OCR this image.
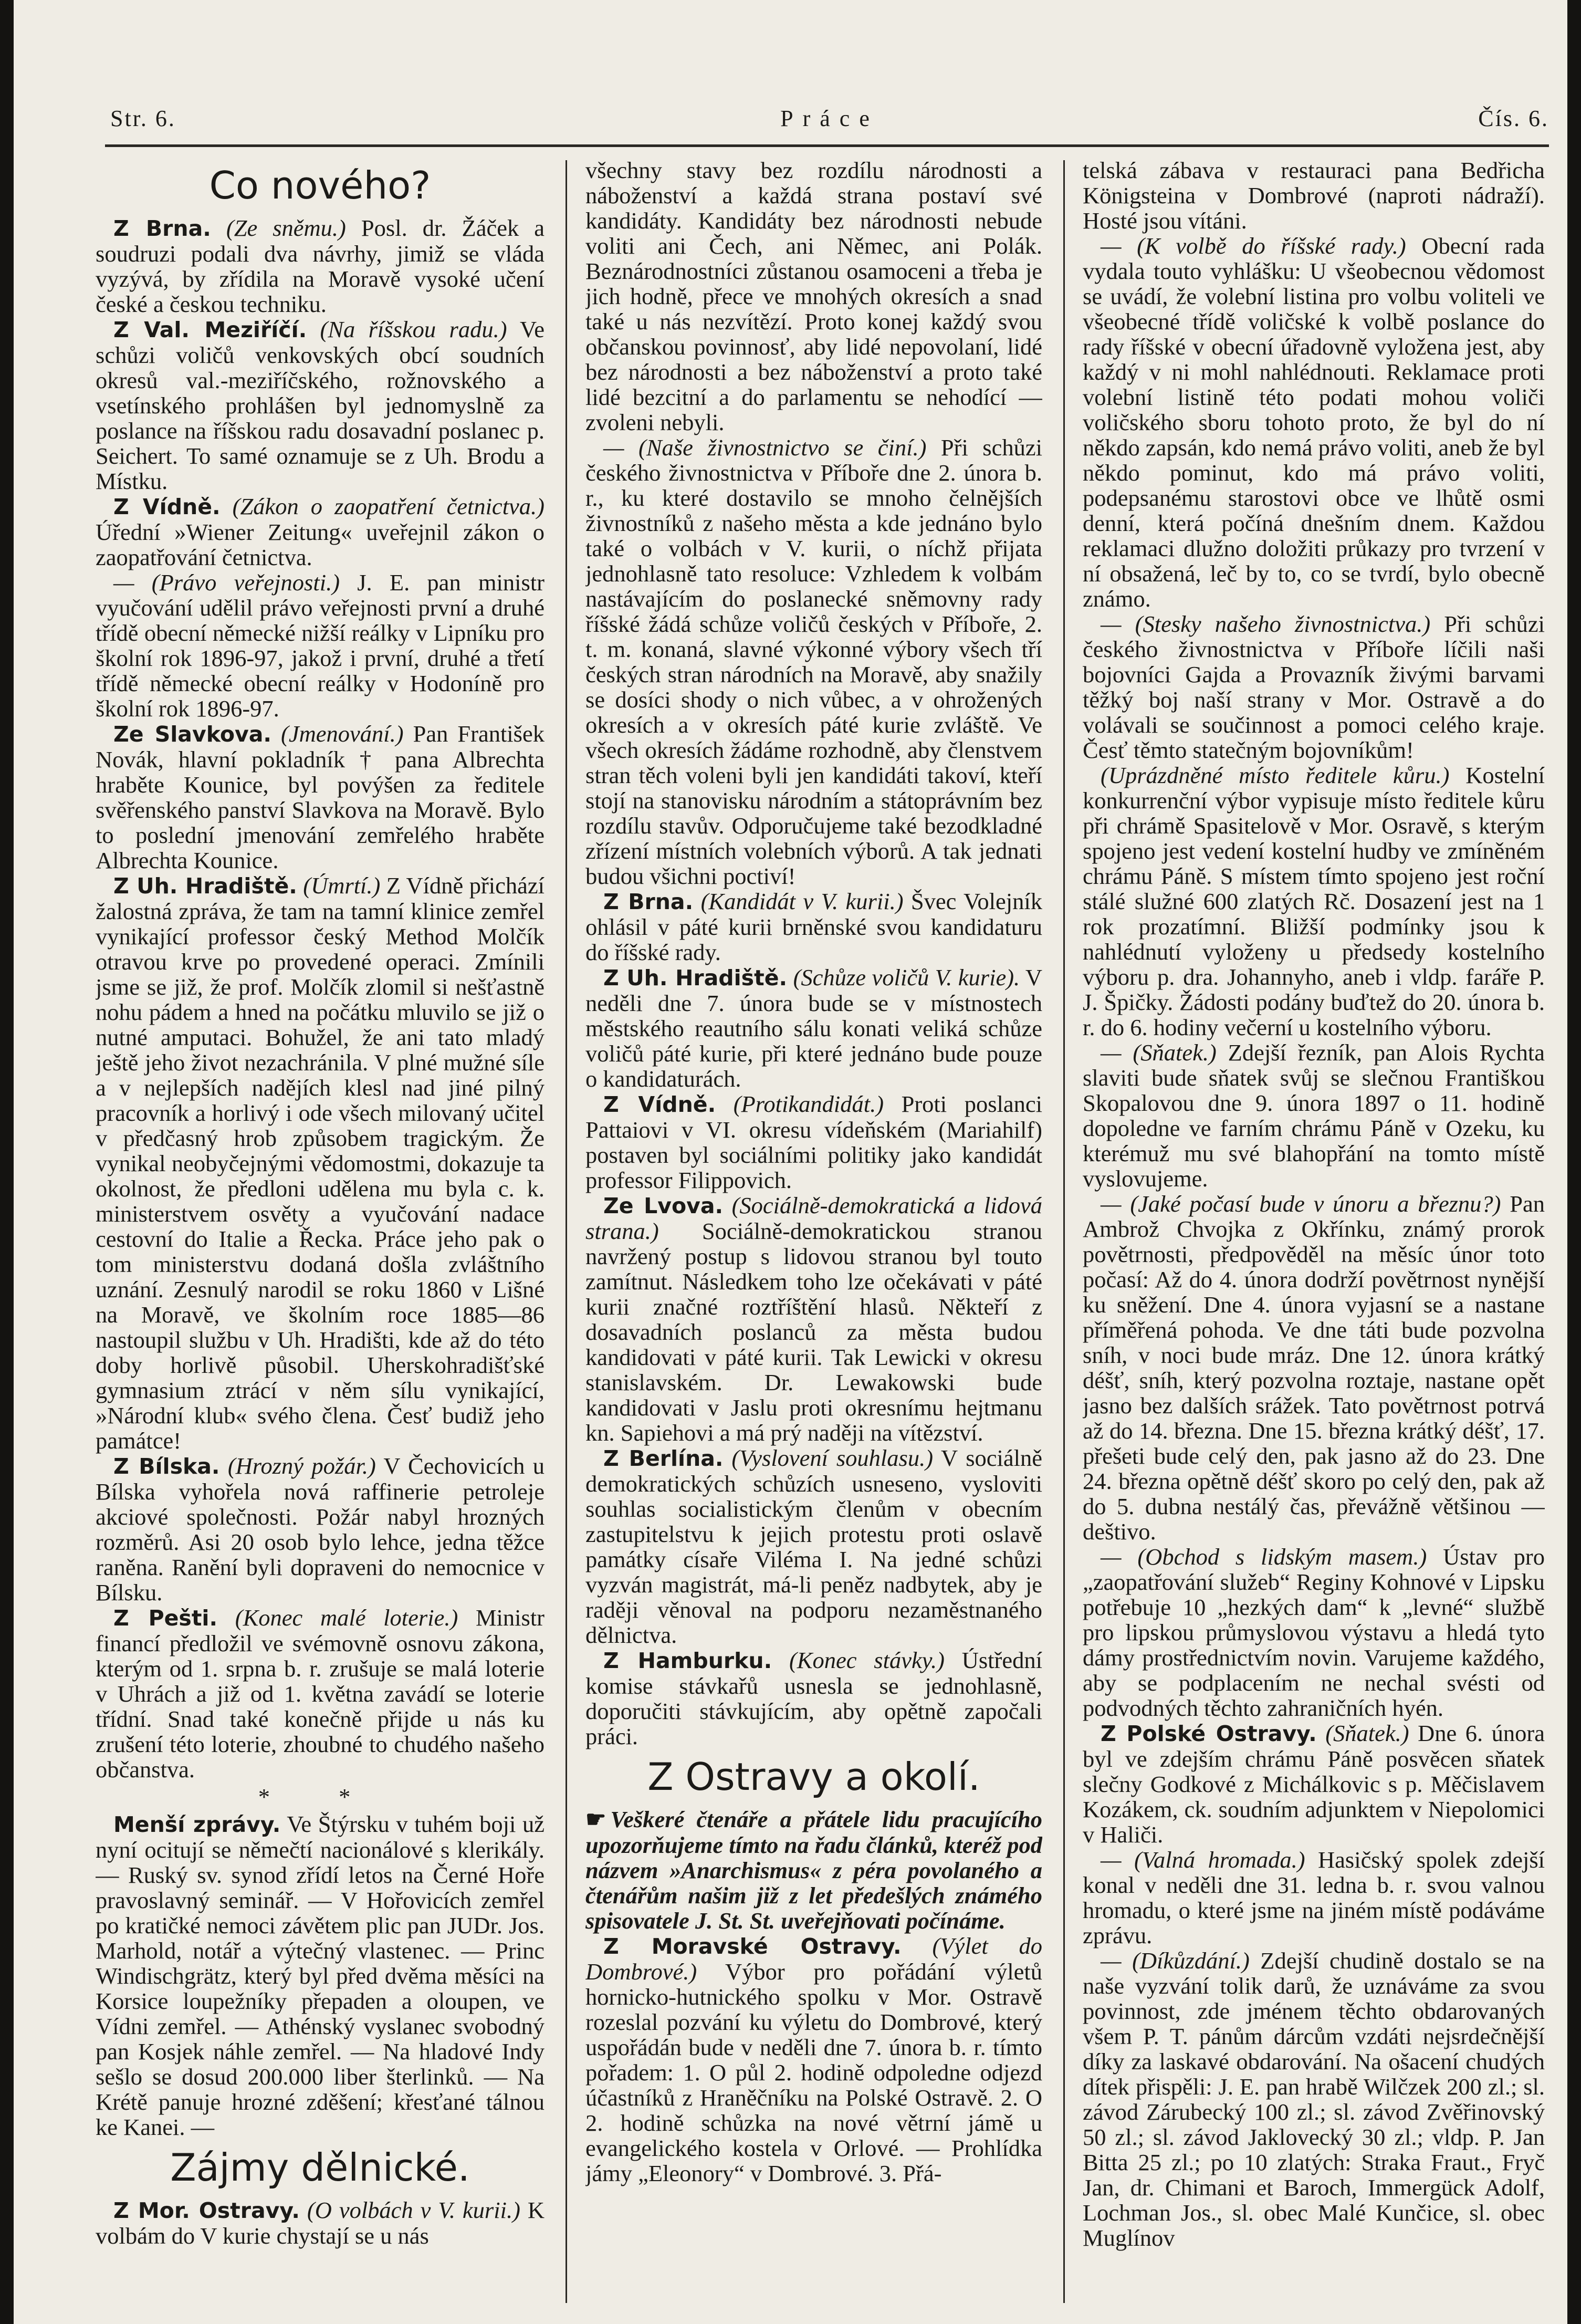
Str. 6.	Práce	Čís. 6.
Co nového?

Z Brna. (Ze sněmu.) Posl. dr. Žáček a soudruzi podali dva návrhy, jimiž se vláda vyzývá, by zřídila na Moravě vysoké učení české a českou techniku.

Z Val. Meziříčí. (Na říšskou radu.) Ve schůzi voličů venkovských obcí soudních okresů val.-meziříčského, rožnovského a vsetínského prohlášen byl jednomyslně za poslance na říšskou radu dosavadní poslanec p. Seichert. To samé oznamuje se z Uh. Brodu a Místku.

Z Vídně. (Zákon o zaopatření četnictva.) Úřední »Wiener Zeitung« uveřejnil zákon o zaopatřování četnictva.

— (Právo veřejnosti.) J. E. pan ministr vyučování udělil právo veřejnosti první a druhé třídě obecní německé nižší reálky v Lipníku pro školní rok 1896-97, jakož i první, druhé a třetí třídě německé obecní reálky v Hodoníně pro školní rok 1896-97.

Ze Slavkova. (Jmenování.) Pan František Novák, hlavní pokladník † pana Albrechta hraběte Kounice, byl povýšen za ředitele svěřenského panství Slavkova na Moravě. Bylo to poslední jmenování zemřelého hraběte Albrechta Kounice.

Z Uh. Hradiště. (Úmrtí.) Z Vídně přichází žalostná zpráva, že tam na tamní klinice zemřel vynikající professor český Method Molčík otravou krve po provedené operaci. Zmínili jsme se již, že prof. Molčík zlomil si nešťastně nohu pádem a hned na počátku mluvilo se již o nutné amputaci. Bohužel, že ani tato mladý ještě jeho život nezachránila. V plné mužné síle a v nejlepších nadějích klesl nad jiné pilný pracovník a horlivý i ode všech milovaný učitel v předčasný hrob způsobem tragickým. Že vynikal neobyčejnými vědomostmi, dokazuje ta okolnost, že předloni udělena mu byla c. k. ministerstvem osvěty a vyučování nadace cestovní do Italie a Řecka. Práce jeho pak o tom ministerstvu dodaná došla zvláštního uznání. Zesnulý narodil se roku 1860 v Lišné na Moravě, ve školním roce 1885—86 nastoupil službu v Uh. Hradišti, kde až do této doby horlivě působil. Uherskohradišťské gymnasium ztrácí v něm sílu vynikající, »Národní klub« svého člena. Česť budiž jeho památce!

Z Bílska. (Hrozný požár.) V Čechovicích u Bílska vyhořela nová raffinerie petroleje akciové společnosti. Požár nabyl hrozných rozměrů. Asi 20 osob bylo lehce, jedna těžce raněna. Ranění byli dopraveni do nemocnice v Bílsku.

Z Pešti. (Konec malé loterie.) Ministr financí předložil ve svémovně osnovu zákona, kterým od 1. srpna b. r. zrušuje se malá loterie v Uhrách a již od 1. května zavádí se loterie třídní. Snad také konečně přijde u nás ku zrušení této loterie, zhoubné to chudého našeho občanstva.

* *

Menší zprávy. Ve Štýrsku v tuhém boji už nyní ocitují se němečtí nacionálové s klerikály. — Ruský sv. synod zřídí letos na Černé Hoře pravoslavný seminář. — V Hořovicích zemřel po kratičké nemoci závětem plic pan JUDr. Jos. Marhold, notář a výtečný vlastenec. — Princ Windischgrätz, který byl před dvěma měsíci na Korsice loupežníky přepaden a oloupen, ve Vídni zemřel. — Athénský vyslanec svobodný pan Kosjek náhle zemřel. — Na hladové Indy sešlo se dosud 200.000 liber šterlinků. — Na Krétě panuje hrozné zděšení; křesťané tálnou ke Kanei. —

Zájmy dělnické.

Z Mor. Ostravy. (O volbách v V. kurii.) K volbám do V kurie chystají se u nás

všechny stavy bez rozdílu národnosti a náboženství a každá strana postaví své kandidáty. Kandidáty bez národnosti nebude voliti ani Čech, ani Němec, ani Polák. Beznárodnostníci zůstanou osamoceni a třeba je jich hodně, přece ve mnohých okresích a snad také u nás nezvítězí. Proto konej každý svou občanskou povinnosť, aby lidé nepovolaní, lidé bez národnosti a bez náboženství a proto také lidé bezcitní a do parlamentu se nehodící — zvoleni nebyli.

— (Naše živnostnictvo se činí.) Při schůzi českého živnostnictva v Příboře dne 2. února b. r., ku které dostavilo se mnoho čelnějších živnostníků z našeho města a kde jednáno bylo také o volbách v V. kurii, o níchž přijata jednohlasně tato resoluce: Vzhledem k volbám nastávajícím do poslanecké sněmovny rady říšské žádá schůze voličů českých v Příboře, 2. t. m. konaná, slavné výkonné výbory všech tří českých stran národních na Moravě, aby snažily se dosíci shody o nich vůbec, a v ohrožených okresích a v okresích páté kurie zvláště. Ve všech okresích žádáme rozhodně, aby členstvem stran těch voleni byli jen kandidáti takoví, kteří stojí na stanovisku národním a státoprávním bez rozdílu stavův. Odporučujeme také bezodkladné zřízení místních volebních výborů. A tak jednati budou všichni poctiví!

Z Brna. (Kandidát v V. kurii.) Švec Volejník ohlásil v páté kurii brněnské svou kandidaturu do říšské rady.

Z Uh. Hradiště. (Schůze voličů V. kurie). V neděli dne 7. února bude se v místnostech městského reautního sálu konati veliká schůze voličů páté kurie, při které jednáno bude pouze o kandidaturách.

Z Vídně. (Protikandidát.) Proti poslanci Pattaiovi v VI. okresu vídeňském (Mariahilf) postaven byl sociálními politiky jako kandidát professor Filippovich.

Ze Lvova. (Sociálně-demokratická a lidová strana.) Sociálně-demokratickou stranou navržený postup s lidovou stranou byl touto zamítnut. Následkem toho lze očekávati v páté kurii značné roztříštění hlasů. Někteří z dosavadních poslanců za města budou kandidovati v páté kurii. Tak Lewicki v okresu stanislavském. Dr. Lewakowski bude kandidovati v Jaslu proti okresnímu hejtmanu kn. Sapiehovi a má prý naději na vítězství.

Z Berlína. (Vyslovení souhlasu.) V sociálně demokratických schůzích usneseno, vysloviti souhlas socialistickým členům v obecním zastupitelstvu k jejich protestu proti oslavě památky císaře Viléma I. Na jedné schůzi vyzván magistrát, má-li peněz nadbytek, aby je raději věnoval na podporu nezaměstnaného dělnictva.

Z Hamburku. (Konec stávky.) Ústřední komise stávkařů usnesla se jednohlasně, doporučiti stávkujícím, aby opětně započali práci.

Z Ostravy a okolí.

☛ Veškeré čtenáře a přátele lidu pracujícího upozorňujeme tímto na řadu článků, kteréž pod názvem »Anarchismus« z péra povolaného a čtenářům našim již z let předešlých známého spisovatele J. St. St. uveřejňovati počínáme.

Z Moravské Ostravy. (Výlet do Dombrové.) Výbor pro pořádání výletů hornicko-hutnického spolku v Mor. Ostravě rozeslal pozvání ku výletu do Dombrové, který uspořádán bude v neděli dne 7. února b. r. tímto pořadem: 1. O půl 2. hodině odpoledne odjezd účastníků z Hraněčníku na Polské Ostravě. 2. O 2. hodině schůzka na nové větrní jámě u evangelického kostela v Orlové. — Prohlídka jámy „Eleonory“ v Dombrové. 3. Přá-

telská zábava v restauraci pana Bedřicha Königsteina v Dombrové (naproti nádraží). Hosté jsou vítáni.

— (K volbě do říšské rady.) Obecní rada vydala touto vyhlášku: U všeobecnou vědomost se uvádí, že volební listina pro volbu voliteli ve všeobecné třídě voličské k volbě poslance do rady říšské v obecní úřadovně vyložena jest, aby každý v ni mohl nahlédnouti. Reklamace proti volební listině této podati mohou voliči voličského sboru tohoto proto, že byl do ní někdo zapsán, kdo nemá právo voliti, aneb že byl někdo pominut, kdo má právo voliti, podepsanému starostovi obce ve lhůtě osmi denní, která počíná dnešním dnem. Každou reklamaci dlužno doložiti průkazy pro tvrzení v ní obsažená, leč by to, co se tvrdí, bylo obecně známo.

— (Stesky našeho živnostnictva.) Při schůzi českého živnostnictva v Příboře líčili naši bojovníci Gajda a Provazník živými barvami těžký boj naší strany v Mor. Ostravě a do volávali se součinnost a pomoci celého kraje. Česť těmto statečným bojovníkům!

(Uprázdněné místo ředitele kůru.) Kostelní konkurrenční výbor vypisuje místo ředitele kůru při chrámě Spasitelově v Mor. Osravě, s kterým spojeno jest vedení kostelní hudby ve zmíněném chrámu Páně. S místem tímto spojeno jest roční stálé služné 600 zlatých Rč. Dosazení jest na 1 rok prozatímní. Bližší podmínky jsou k nahlédnutí vyloženy u předsedy kostelního výboru p. dra. Johannyho, aneb i vldp. faráře P. J. Špičky. Žádosti podány buďtež do 20. února b. r. do 6. hodiny večerní u kostelního výboru.

— (Sňatek.) Zdejší řezník, pan Alois Rychta slaviti bude sňatek svůj se slečnou Františkou Skopalovou dne 9. února 1897 o 11. hodině dopoledne ve farním chrámu Páně v Ozeku, ku kterémuž mu své blahopřání na tomto místě vyslovujeme.

— (Jaké počasí bude v únoru a březnu?) Pan Ambrož Chvojka z Okřínku, známý prorok povětrnosti, předpověděl na měsíc únor toto počasí: Až do 4. února dodrží povětrnost nynější ku sněžení. Dne 4. února vyjasní se a nastane příměřená pohoda. Ve dne táti bude pozvolna sníh, v noci bude mráz. Dne 12. února krátký déšť, sníh, který pozvolna roztaje, nastane opět jasno bez dalších srážek. Tato povětrnost potrvá až do 14. března. Dne 15. března krátký déšť, 17. přešeti bude celý den, pak jasno až do 23. Dne 24. března opětně déšť skoro po celý den, pak až do 5. dubna nestálý čas, převážně většinou — deštivo.

— (Obchod s lidským masem.) Ústav pro „zaopatřování služeb“ Reginy Kohnové v Lipsku potřebuje 10 „hezkých dam“ k „levné“ službě pro lipskou průmyslovou výstavu a hledá tyto dámy prostřednictvím novin. Varujeme každého, aby se podplacením ne nechal svésti od podvodných těchto zahraničních hyén.

Z Polské Ostravy. (Sňatek.) Dne 6. února byl ve zdejším chrámu Páně posvěcen sňatek slečny Godkové z Michálkovic s p. Měčislavem Kozákem, ck. soudním adjunktem v Niepolomici v Haliči.

— (Valná hromada.) Hasičský spolek zdejší konal v neděli dne 31. ledna b. r. svou valnou hromadu, o které jsme na jiném místě podáváme zprávu.

— (Díkůzdání.) Zdejší chudině dostalo se na naše vyzvání tolik darů, že uznáváme za svou povinnost, zde jménem těchto obdarovaných všem P. T. pánům dárcům vzdáti nejsrdečnější díky za laskavé obdarování. Na ošacení chudých dítek přispěli: J. E. pan hrabě Wilčzek 200 zl.; sl. závod Zárubecký 100 zl.; sl. závod Zvěřinovský 50 zl.; sl. závod Jaklovecký 30 zl.; vldp. P. Jan Bitta 25 zl.; po 10 zlatých: Straka Fraut., Fryč Jan, dr. Chimani et Baroch, Immergück Adolf, Lochman Jos., sl. obec Malé Kunčice, sl. obec Muglínov
